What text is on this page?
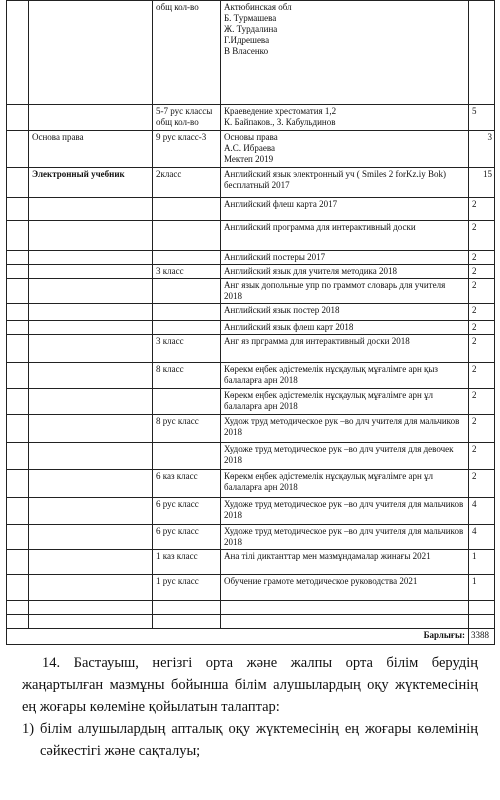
		общ кол-во	Актюбинская обл
Б. Турмашева
Ж. Турдалина
Г.Идрешева
В Власенко	
		5-7 рус классы
общ кол-во	Краеведение хрестоматия 1,2
К. Байпаков., З. Кабульдинов	5
	Основа права	9 рус класс-3	Основы права
А.С. Ибраева
Мектеп 2019	3
	Электронный учебник	2класс	Английский язык электронный уч ( Smiles 2 forKz.iy Bok) бесплатный 2017	15
			Английский флеш карта 2017	2
			Английский программа для интерактивный доски	2
			Английский постеры 2017	2
		3 класс	Английский язык для учителя методика 2018	2
			Анг язык допольные упр по граммот словарь для учителя 2018	2
			Английский язык постер 2018	2
			Английский язык флеш карт 2018	2
		3 класс	Анг яз прграмма для интерактивный доски 2018	2
		8 класс	Көрекм еңбек әдістемелік нұсқаулық мұғалімге арн қыз балаларға арн 2018	2
			Көрекм еңбек әдістемелік нұсқаулық мұғалімге арн ұл балаларға арн 2018	2
		8 рус класс	Худож труд методическое рук –во длч учителя для мальчиков 2018	2
			Художе труд методическое рук –во длч учителя для девочек 2018	2
		6 каз класс	Көрекм еңбек әдістемелік нұсқаулық мұғалімге арн ұл балаларға арн 2018	2
		6 рус класс	Художе труд методическое рук –во длч учителя для мальчиков 2018	4
		6 рус класс	Художе труд методическое рук –во длч учителя для мальчиков 2018	4
		1 каз класс	Ана тілі диктанттар мен мазмұндамалар жинағы 2021	1
		1 рус класс	Обучение грамоте методическое руководства 2021	1

Барлығы:				3388
14. Бастауыш, негізгі орта және жалпы орта білім берудің жаңартылған мазмұны бойынша білім алушылардың оқу жүктемесінің ең жоғары көлеміне қойылатын талаптар:
1) білім алушылардың апталық оқу жүктемесінің ең жоғары көлемінің сәйкестігі және сақталуы;
